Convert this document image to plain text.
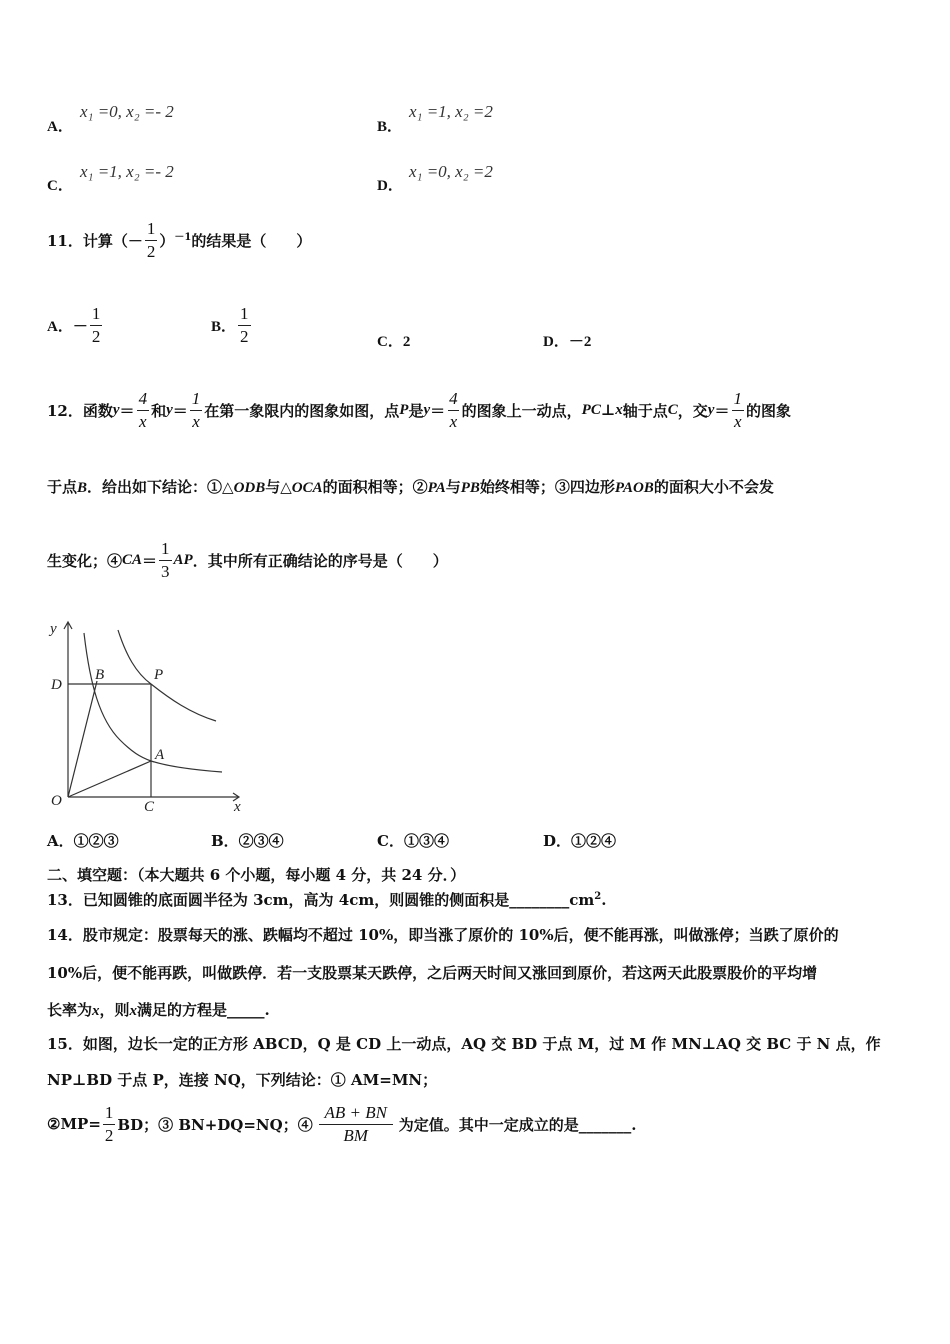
A．
x₁ =0, x₂ =- 2
B．
x₁ =1, x₂ =2
C．
x₁ =1, x₂ =- 2
D．
x₁ =0, x₂ =2
11．计算（－ $\frac{1}{2} )^{-1}$ 的结果是（　　）
A．－ $\frac{1}{2}$	B． $\frac{1}{2}$	C．2	D．－2
12．函数 $y = \frac{4}{x}$ 和 $y = \frac{1}{x}$ 在第一象限内的图象如图，点 P 是 $y = \frac{4}{x}$ 的图象上一动点， PC ⊥ x 轴于点 C ，交 $y = \frac{1}{x}$ 的图象
于点B．给出如下结论：①△ODB与△OCA的面积相等；②PA与PB始终相等；③四边形PAOB的面积大小不会发
生变化；④ CA ＝ $\frac{1}{3}$ AP ．其中所有正确结论的序号是（　　）
y
x
O	C
D
B	P
A
A．①②③	B．②③④	C．①③④	D．①②④
二、填空题：（本大题共 6 个小题，每小题 4 分，共 24 分．）
13．已知圆锥的底面圆半径为 3cm，高为 4cm，则圆锥的侧面积是$\_\_\_\_\_\_\_\_cm^2$.
14．股市规定：股票每天的涨、跌幅均不超过 10%，即当涨了原价的 10%后，便不能再涨，叫做涨停；当跌了原价的
10%后，便不能再跌，叫做跌停．若一支股票某天跌停，之后两天时间又涨回到原价，若这两天此股票股价的平均增
长率为x，则x满足的方程是_____.
15．如图，边长一定的正方形 ABCD，Q 是 CD 上一动点，AQ 交 BD 于点 M，过 M 作 MN⊥AQ 交 BC 于 N 点，作
NP⊥BD 于点 P，连接 NQ，下列结论：① AM=MN；
②MP= $\frac{1}{2}$ BD；③ BN+DQ=NQ；④ $\frac{AB + BN}{BM}$ 为定值。其中一定成立的是_______.
